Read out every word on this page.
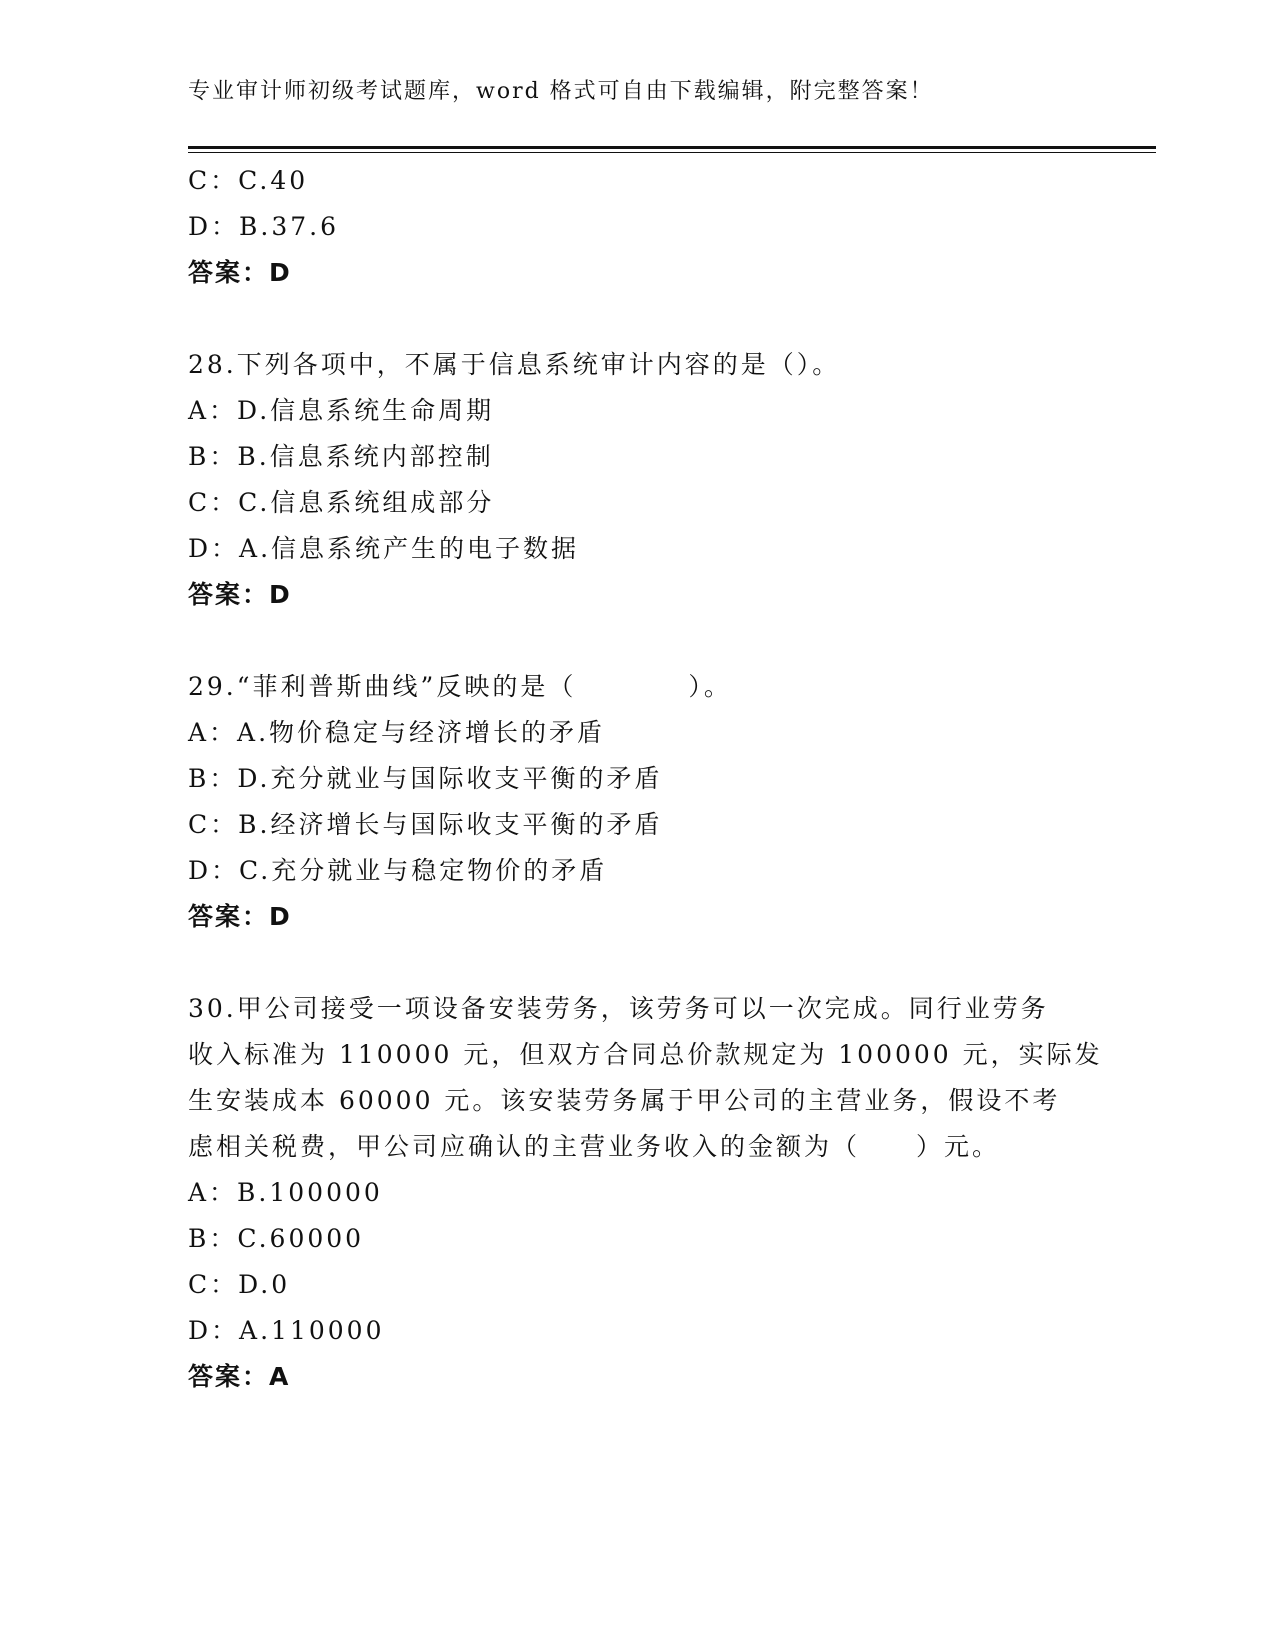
专业审计师初级考试题库，word 格式可自由下载编辑，附完整答案！
C：C.40
D：B.37.6
答案：D
28.下列各项中，不属于信息系统审计内容的是（）。
A：D.信息系统生命周期
B：B.信息系统内部控制
C：C.信息系统组成部分
D：A.信息系统产生的电子数据
答案：D
29.“菲利普斯曲线”反映的是（　　　　）。
A：A.物价稳定与经济增长的矛盾
B：D.充分就业与国际收支平衡的矛盾
C：B.经济增长与国际收支平衡的矛盾
D：C.充分就业与稳定物价的矛盾
答案：D
30.甲公司接受一项设备安装劳务，该劳务可以一次完成。同行业劳务
收入标准为 110000 元，但双方合同总价款规定为 100000 元，实际发
生安装成本 60000 元。该安装劳务属于甲公司的主营业务，假设不考
虑相关税费，甲公司应确认的主营业务收入的金额为（　　）元。
A：B.100000
B：C.60000
C：D.0
D：A.110000
答案：A
